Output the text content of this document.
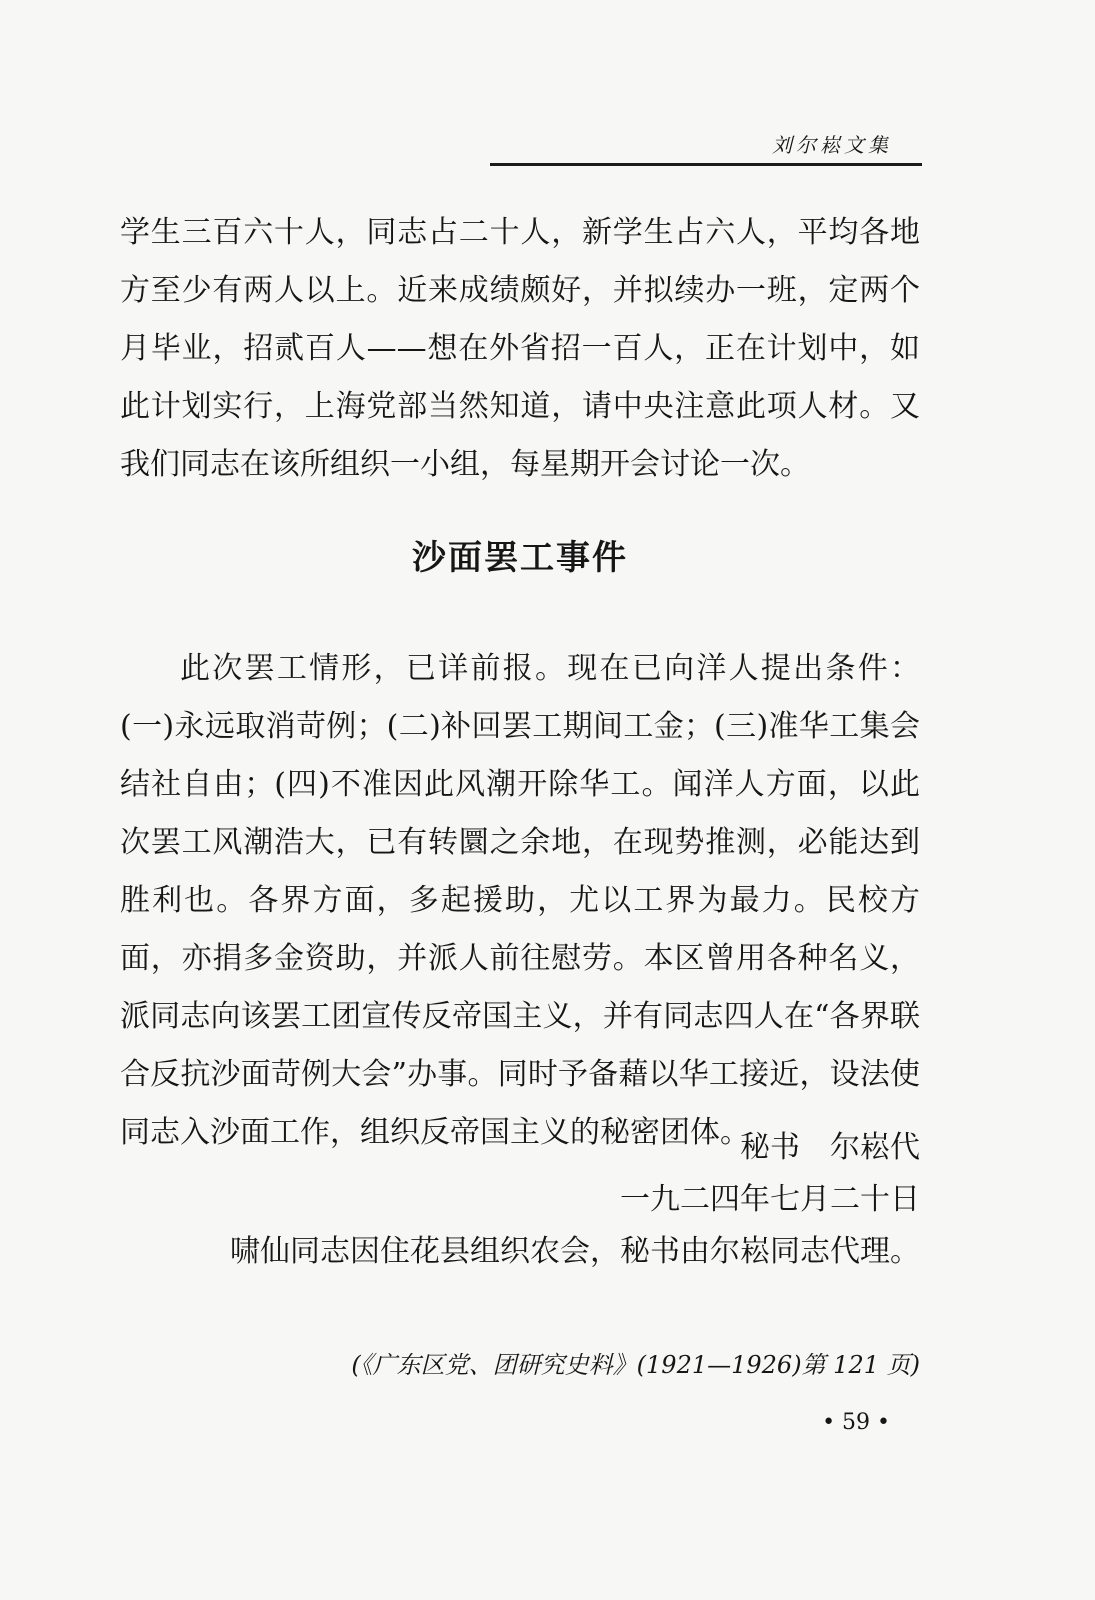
刘尔崧文集

学生三百六十人，同志占二十人，新学生占六人，平均各地方至少有两人以上。近来成绩颇好，并拟续办一班，定两个月毕业，招贰百人——想在外省招一百人，正在计划中，如此计划实行，上海党部当然知道，请中央注意此项人材。又我们同志在该所组织一小组，每星期开会讨论一次。

沙面罢工事件

此次罢工情形，已详前报。现在已向洋人提出条件：(一)永远取消苛例；(二)补回罢工期间工金；(三)准华工集会结社自由；(四)不准因此风潮开除华工。闻洋人方面，以此次罢工风潮浩大，已有转圜之余地，在现势推测，必能达到胜利也。各界方面，多起援助，尤以工界为最力。民校方面，亦捐多金资助，并派人前往慰劳。本区曾用各种名义，派同志向该罢工团宣传反帝国主义，并有同志四人在“各界联合反抗沙面苛例大会”办事。同时予备藉以华工接近，设法使同志入沙面工作，组织反帝国主义的秘密团体。

秘书　尔崧代
一九二四年七月二十日
啸仙同志因住花县组织农会，秘书由尔崧同志代理。
(《广东区党、团研究史料》(1921—1926)第 121 页)
• 59 •
